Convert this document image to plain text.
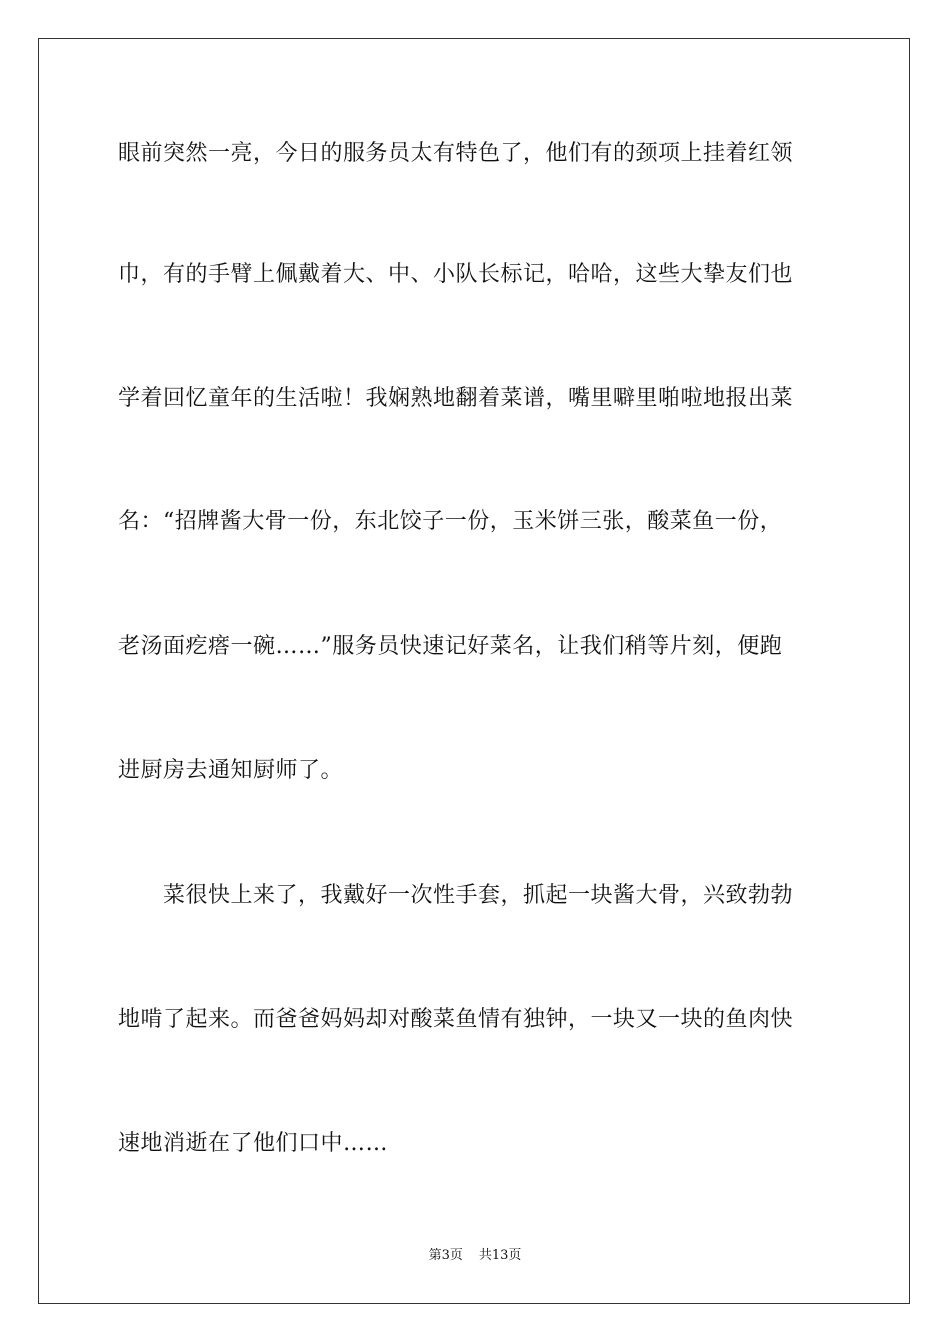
眼前突然一亮，今日的服务员太有特色了，他们有的颈项上挂着红领
巾，有的手臂上佩戴着大、中、小队长标记，哈哈，这些大挚友们也
学着回忆童年的生活啦！我娴熟地翻着菜谱，嘴里噼里啪啦地报出菜
名：“招牌酱大骨一份，东北饺子一份，玉米饼三张，酸菜鱼一份，
老汤面疙瘩一碗……”服务员快速记好菜名，让我们稍等片刻，便跑
进厨房去通知厨师了。
　　菜很快上来了，我戴好一次性手套，抓起一块酱大骨，兴致勃勃
地啃了起来。而爸爸妈妈却对酸菜鱼情有独钟，一块又一块的鱼肉快
速地消逝在了他们口中……
第3页 共13页
